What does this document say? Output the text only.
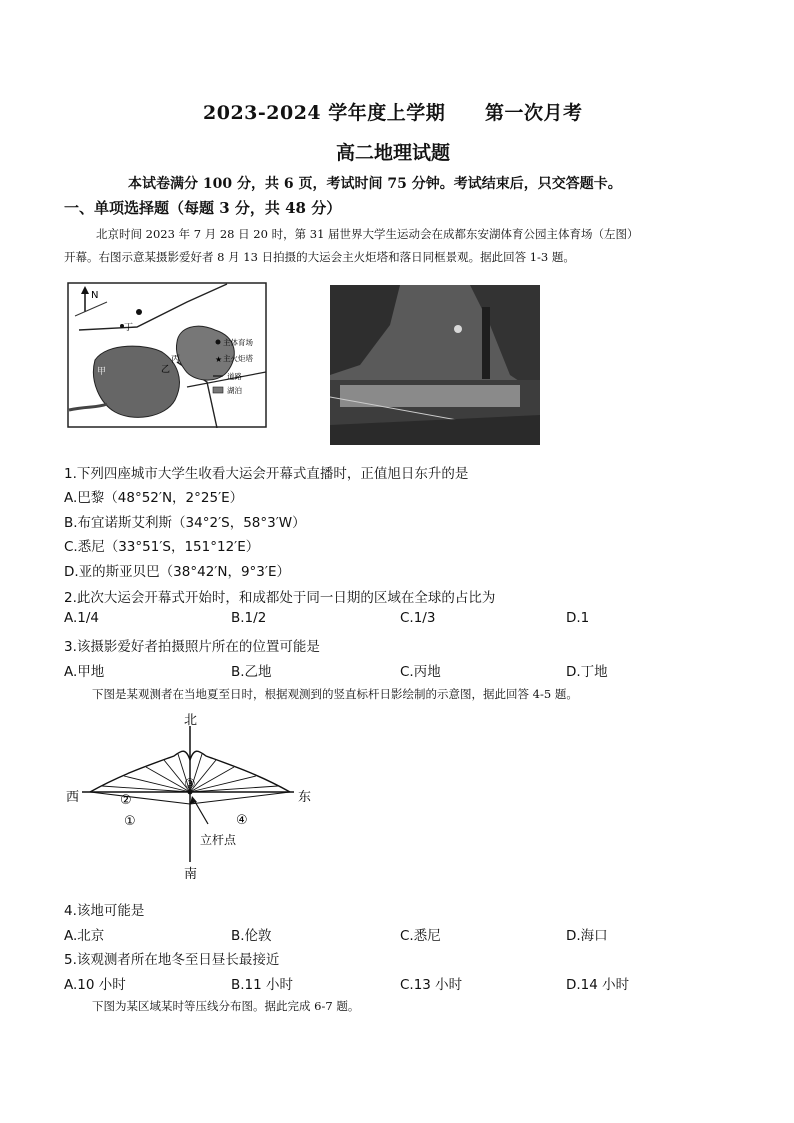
2023-2024 学年度上学期 第一次月考
高二地理试题
本试卷满分 100 分，共 6 页，考试时间 75 分钟。考试结束后，只交答题卡。
一、单项选择题（每题 3 分，共 48 分）
北京时间 2023 年 7 月 28 日 20 时，第 31 届世界大学生运动会在成都东安湖体育公园主体育场（左图）
开幕。右图示意某摄影爱好者 8 月 13 日拍摄的大运会主火炬塔和落日同框景观。据此回答 1-3 题。
N
丁
甲	乙
丙
主体育场
★ 主火炬塔
道路
湖泊
1.下列四座城市大学生收看大运会开幕式直播时，正值旭日东升的是
A.巴黎（48°52′N，2°25′E）
B.布宜诺斯艾利斯（34°2′S，58°3′W）
C.悉尼（33°51′S，151°12′E）
D.亚的斯亚贝巴（38°42′N，9°3′E）
2.此次大运会开幕式开始时，和成都处于同一日期的区域在全球的占比为
A.1/4	B.1/2	C.1/3	D.1
3.该摄影爱好者拍摄照片所在的位置可能是
A.甲地	B.乙地	C.丙地	D.丁地
下图是某观测者在当地夏至日时，根据观测到的竖直标杆日影绘制的示意图，据此回答 4-5 题。
北
南
西	东
②
③
①	④
立杆点
4.该地可能是
A.北京	B.伦敦	C.悉尼	D.海口
5.该观测者所在地冬至日昼长最接近
A.10 小时	B.11 小时	C.13 小时	D.14 小时
下图为某区域某时等压线分布图。据此完成 6-7 题。
